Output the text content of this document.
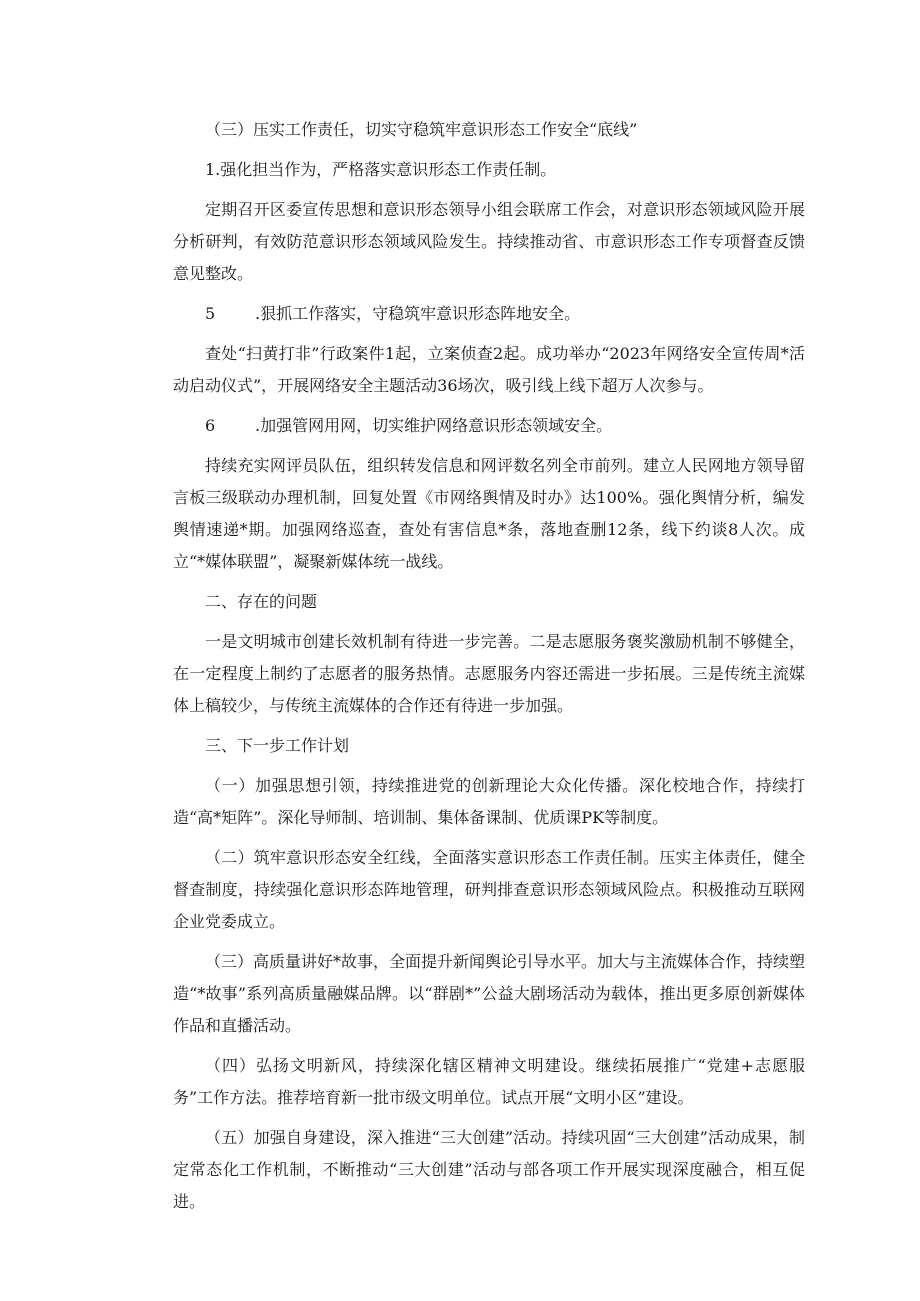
（三）压实工作责任，切实守稳筑牢意识形态工作安全“底线”

1.强化担当作为，严格落实意识形态工作责任制。

定期召开区委宣传思想和意识形态领导小组会联席工作会，对意识形态领域风险开展分析研判，有效防范意识形态领域风险发生。持续推动省、市意识形态工作专项督查反馈意见整改。

5 .狠抓工作落实，守稳筑牢意识形态阵地安全。

查处“扫黄打非”行政案件1起，立案侦查2起。成功举办“2023年网络安全宣传周*活动启动仪式”，开展网络安全主题活动36场次，吸引线上线下超万人次参与。

6 .加强管网用网，切实维护网络意识形态领域安全。

持续充实网评员队伍，组织转发信息和网评数名列全市前列。建立人民网地方领导留言板三级联动办理机制，回复处置《市网络舆情及时办》达100%。强化舆情分析，编发舆情速递*期。加强网络巡查，查处有害信息*条，落地查删12条，线下约谈8人次。成立“*媒体联盟”，凝聚新媒体统一战线。

二、存在的问题

一是文明城市创建长效机制有待进一步完善。二是志愿服务褒奖激励机制不够健全，在一定程度上制约了志愿者的服务热情。志愿服务内容还需进一步拓展。三是传统主流媒体上稿较少，与传统主流媒体的合作还有待进一步加强。

三、下一步工作计划

（一）加强思想引领，持续推进党的创新理论大众化传播。深化校地合作，持续打造“高*矩阵”。深化导师制、培训制、集体备课制、优质课PK等制度。

（二）筑牢意识形态安全红线，全面落实意识形态工作责任制。压实主体责任，健全督查制度，持续强化意识形态阵地管理，研判排查意识形态领域风险点。积极推动互联网企业党委成立。

（三）高质量讲好*故事，全面提升新闻舆论引导水平。加大与主流媒体合作，持续塑造“*故事”系列高质量融媒品牌。以“群剧*”公益大剧场活动为载体，推出更多原创新媒体作品和直播活动。

（四）弘扬文明新风，持续深化辖区精神文明建设。继续拓展推广“党建+志愿服务”工作方法。推荐培育新一批市级文明单位。试点开展“文明小区”建设。

（五）加强自身建设，深入推进“三大创建”活动。持续巩固“三大创建”活动成果，制定常态化工作机制，不断推动“三大创建”活动与部各项工作开展实现深度融合，相互促进。
